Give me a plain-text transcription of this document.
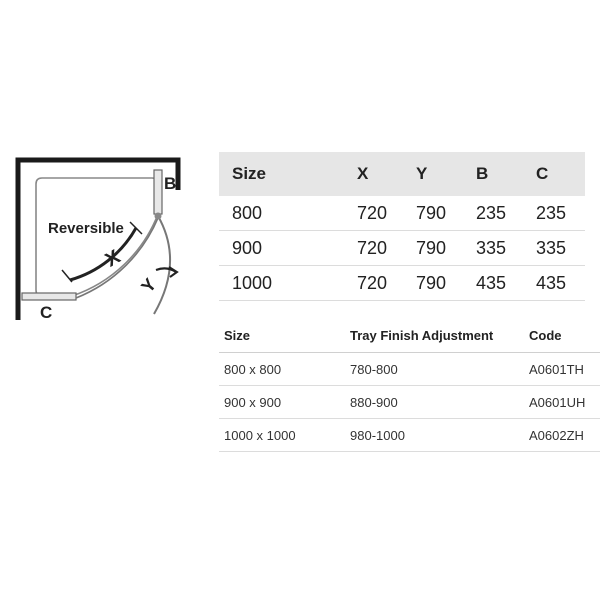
Reversible
X
Y
B
C
Size	X	Y	B	C
800	720 790 235 235
900	720 790 335 335
1000	720 790 435 435
Size	Tray Finish Adjustment	Code
800 x 800	780-800	A0601TH
900 x 900	880-900	A0601UH
1000 x 1000	980-1000	A0602ZH
